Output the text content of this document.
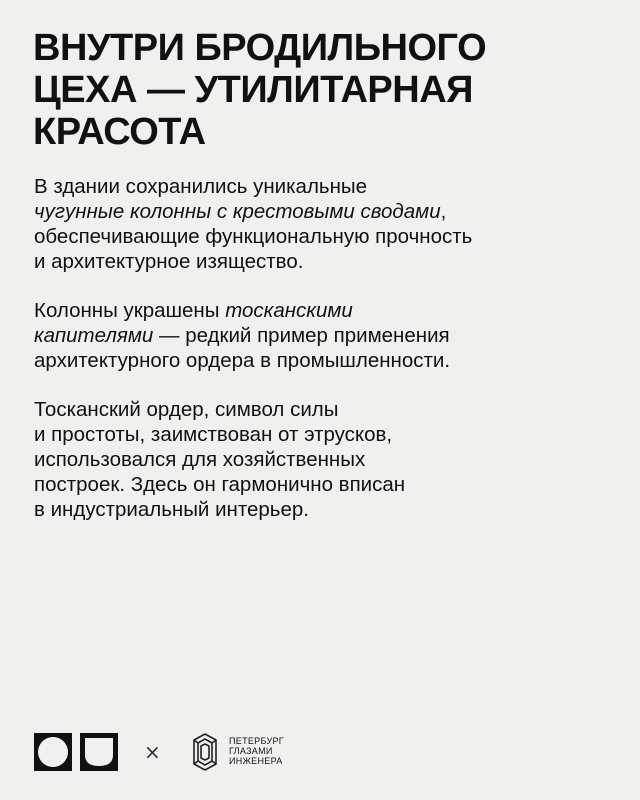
ВНУТРИ БРОДИЛЬНОГО
ЦЕХА — УТИЛИТАРНАЯ
КРАСОТА

В здании сохранились уникальные
чугунные колонны с крестовыми сводами,
обеспечивающие функциональную прочность
и архитектурное изящество.

Колонны украшены тосканскими
капителями — редкий пример применения
архитектурного ордера в промышленности.

Тосканский ордер, символ силы
и простоты, заимствован от этрусков,
использовался для хозяйственных
построек. Здесь он гармонично вписан
в индустриальный интерьер.

×	ПЕТЕРБУРГ
ГЛАЗАМИ
ИНЖЕНЕРА
